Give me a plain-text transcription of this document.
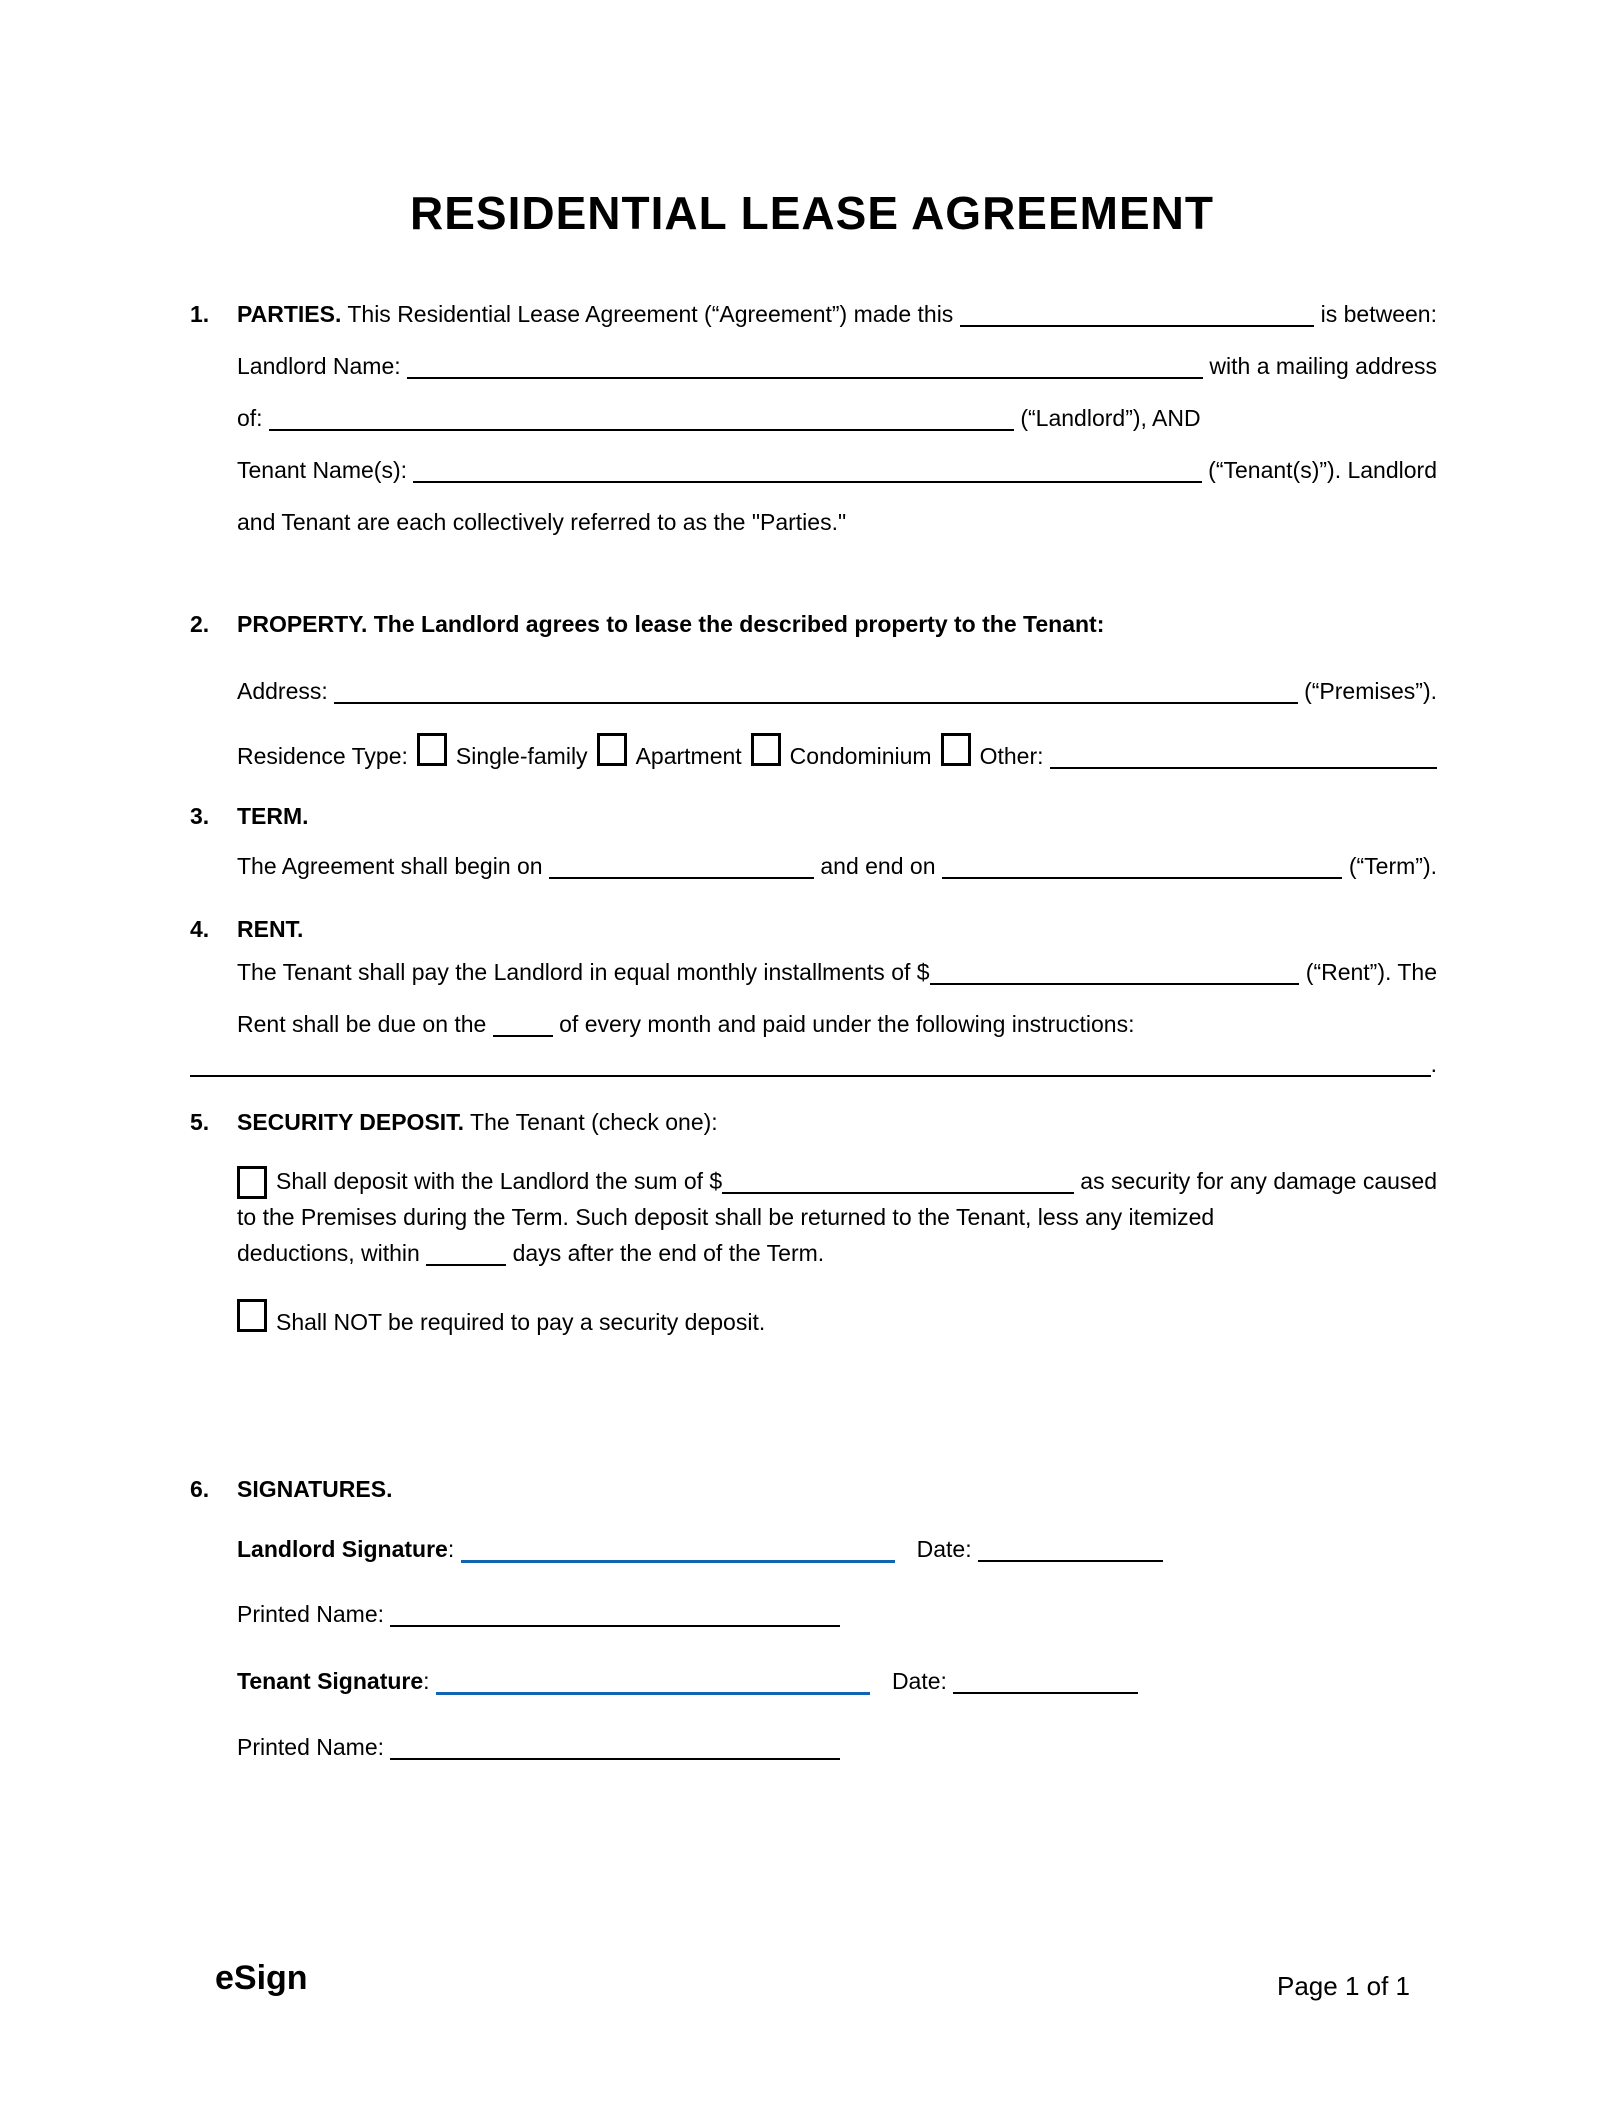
RESIDENTIAL LEASE AGREEMENT
1. PARTIES. This Residential Lease Agreement (“Agreement”) made this	is between:
Landlord Name:	with a mailing address
of:	(“Landlord”), AND
Tenant Name(s):	(“Tenant(s)”). Landlord
and Tenant are each collectively referred to as the "Parties."
2. PROPERTY. The Landlord agrees to lease the described property to the Tenant:
Address:	(“Premises”).
Residence Type: Single-family Apartment Condominium Other:
3. TERM.
The Agreement shall begin on	and end on	(“Term”).
4. RENT.
The Tenant shall pay the Landlord in equal monthly installments of $	(“Rent”). The
Rent shall be due on the	of every month and paid under the following instructions:
.
5. SECURITY DEPOSIT. The Tenant (check one):
Shall deposit with the Landlord the sum of $	as security for any damage caused
to the Premises during the Term. Such deposit shall be returned to the Tenant, less any itemized
deductions, within	days after the end of the Term.
Shall NOT be required to pay a security deposit.
6. SIGNATURES.
Landlord Signature :	Date:
Printed Name:
Tenant Signature :	Date:
Printed Name:
eSign	Page 1 of 1
